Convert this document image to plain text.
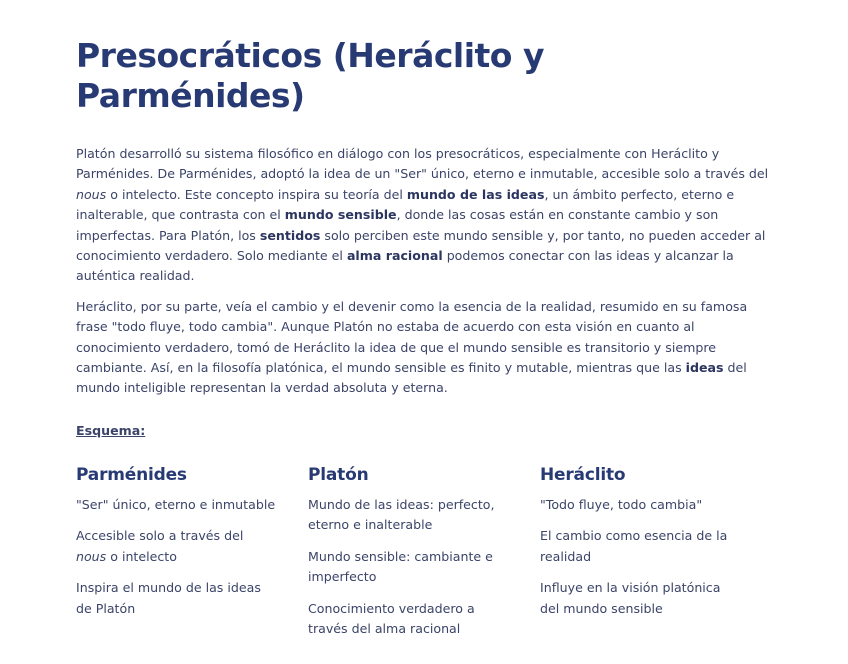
Presocráticos (Heráclito y Parménides)

Platón desarrolló su sistema filosófico en diálogo con los presocráticos, especialmente con Heráclito y Parménides. De Parménides, adoptó la idea de un "Ser" único, eterno e inmutable, accesible solo a través del nous o intelecto. Este concepto inspira su teoría del mundo de las ideas, un ámbito perfecto, eterno e inalterable, que contrasta con el mundo sensible, donde las cosas están en constante cambio y son imperfectas. Para Platón, los sentidos solo perciben este mundo sensible y, por tanto, no pueden acceder al conocimiento verdadero. Solo mediante el alma racional podemos conectar con las ideas y alcanzar la auténtica realidad.

Heráclito, por su parte, veía el cambio y el devenir como la esencia de la realidad, resumido en su famosa frase "todo fluye, todo cambia". Aunque Platón no estaba de acuerdo con esta visión en cuanto al conocimiento verdadero, tomó de Heráclito la idea de que el mundo sensible es transitorio y siempre cambiante. Así, en la filosofía platónica, el mundo sensible es finito y mutable, mientras que las ideas del mundo inteligible representan la verdad absoluta y eterna.

Esquema:
Parménides
"Ser" único, eterno e inmutable
Accesible solo a través del nous o intelecto
Inspira el mundo de las ideas de Platón
Platón
Mundo de las ideas: perfecto, eterno e inalterable
Mundo sensible: cambiante e imperfecto
Conocimiento verdadero a través del alma racional
Heráclito
"Todo fluye, todo cambia"
El cambio como esencia de la realidad
Influye en la visión platónica del mundo sensible
